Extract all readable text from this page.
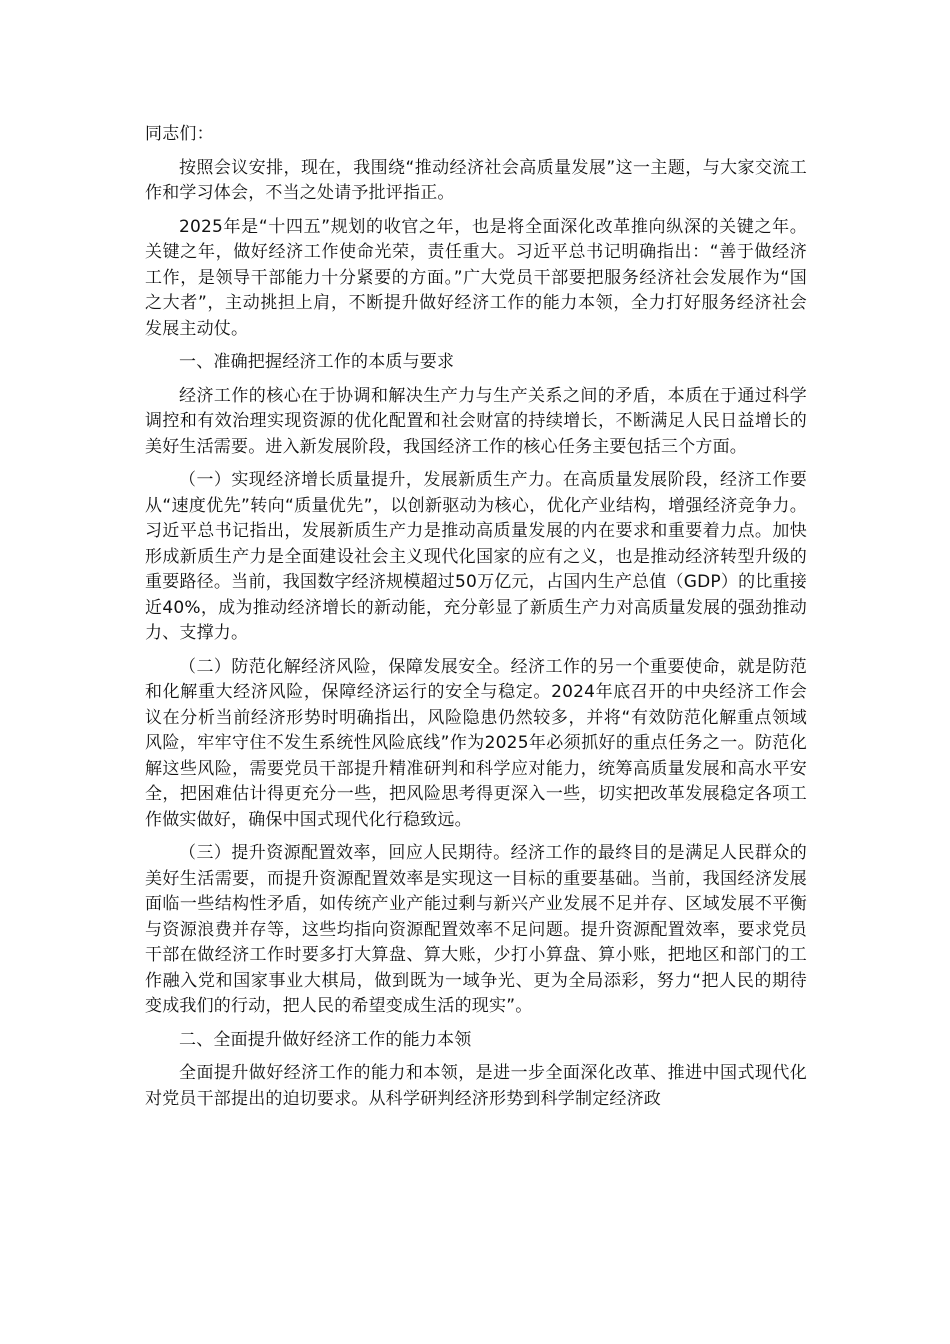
同志们：

按照会议安排，现在，我围绕“推动经济社会高质量发展”这一主题，与大家交流工作和学习体会，不当之处请予批评指正。

2025年是“十四五”规划的收官之年，也是将全面深化改革推向纵深的关键之年。关键之年，做好经济工作使命光荣，责任重大。习近平总书记明确指出：“善于做经济工作，是领导干部能力十分紧要的方面。”广大党员干部要把服务经济社会发展作为“国之大者”，主动挑担上肩，不断提升做好经济工作的能力本领，全力打好服务经济社会发展主动仗。

一、准确把握经济工作的本质与要求

经济工作的核心在于协调和解决生产力与生产关系之间的矛盾，本质在于通过科学调控和有效治理实现资源的优化配置和社会财富的持续增长，不断满足人民日益增长的美好生活需要。进入新发展阶段，我国经济工作的核心任务主要包括三个方面。

（一）实现经济增长质量提升，发展新质生产力。在高质量发展阶段，经济工作要从“速度优先”转向“质量优先”，以创新驱动为核心，优化产业结构，增强经济竞争力。习近平总书记指出，发展新质生产力是推动高质量发展的内在要求和重要着力点。加快形成新质生产力是全面建设社会主义现代化国家的应有之义，也是推动经济转型升级的重要路径。当前，我国数字经济规模超过50万亿元，占国内生产总值（GDP）的比重接近40%，成为推动经济增长的新动能，充分彰显了新质生产力对高质量发展的强劲推动力、支撑力。

（二）防范化解经济风险，保障发展安全。经济工作的另一个重要使命，就是防范和化解重大经济风险，保障经济运行的安全与稳定。2024年底召开的中央经济工作会议在分析当前经济形势时明确指出，风险隐患仍然较多，并将“有效防范化解重点领域风险，牢牢守住不发生系统性风险底线”作为2025年必须抓好的重点任务之一。防范化解这些风险，需要党员干部提升精准研判和科学应对能力，统筹高质量发展和高水平安全，把困难估计得更充分一些，把风险思考得更深入一些，切实把改革发展稳定各项工作做实做好，确保中国式现代化行稳致远。

（三）提升资源配置效率，回应人民期待。经济工作的最终目的是满足人民群众的美好生活需要，而提升资源配置效率是实现这一目标的重要基础。当前，我国经济发展面临一些结构性矛盾，如传统产业产能过剩与新兴产业发展不足并存、区域发展不平衡与资源浪费并存等，这些均指向资源配置效率不足问题。提升资源配置效率，要求党员干部在做经济工作时要多打大算盘、算大账，少打小算盘、算小账，把地区和部门的工作融入党和国家事业大棋局，做到既为一域争光、更为全局添彩，努力“把人民的期待变成我们的行动，把人民的希望变成生活的现实”。

二、全面提升做好经济工作的能力本领

全面提升做好经济工作的能力和本领，是进一步全面深化改革、推进中国式现代化对党员干部提出的迫切要求。从科学研判经济形势到科学制定经济政
